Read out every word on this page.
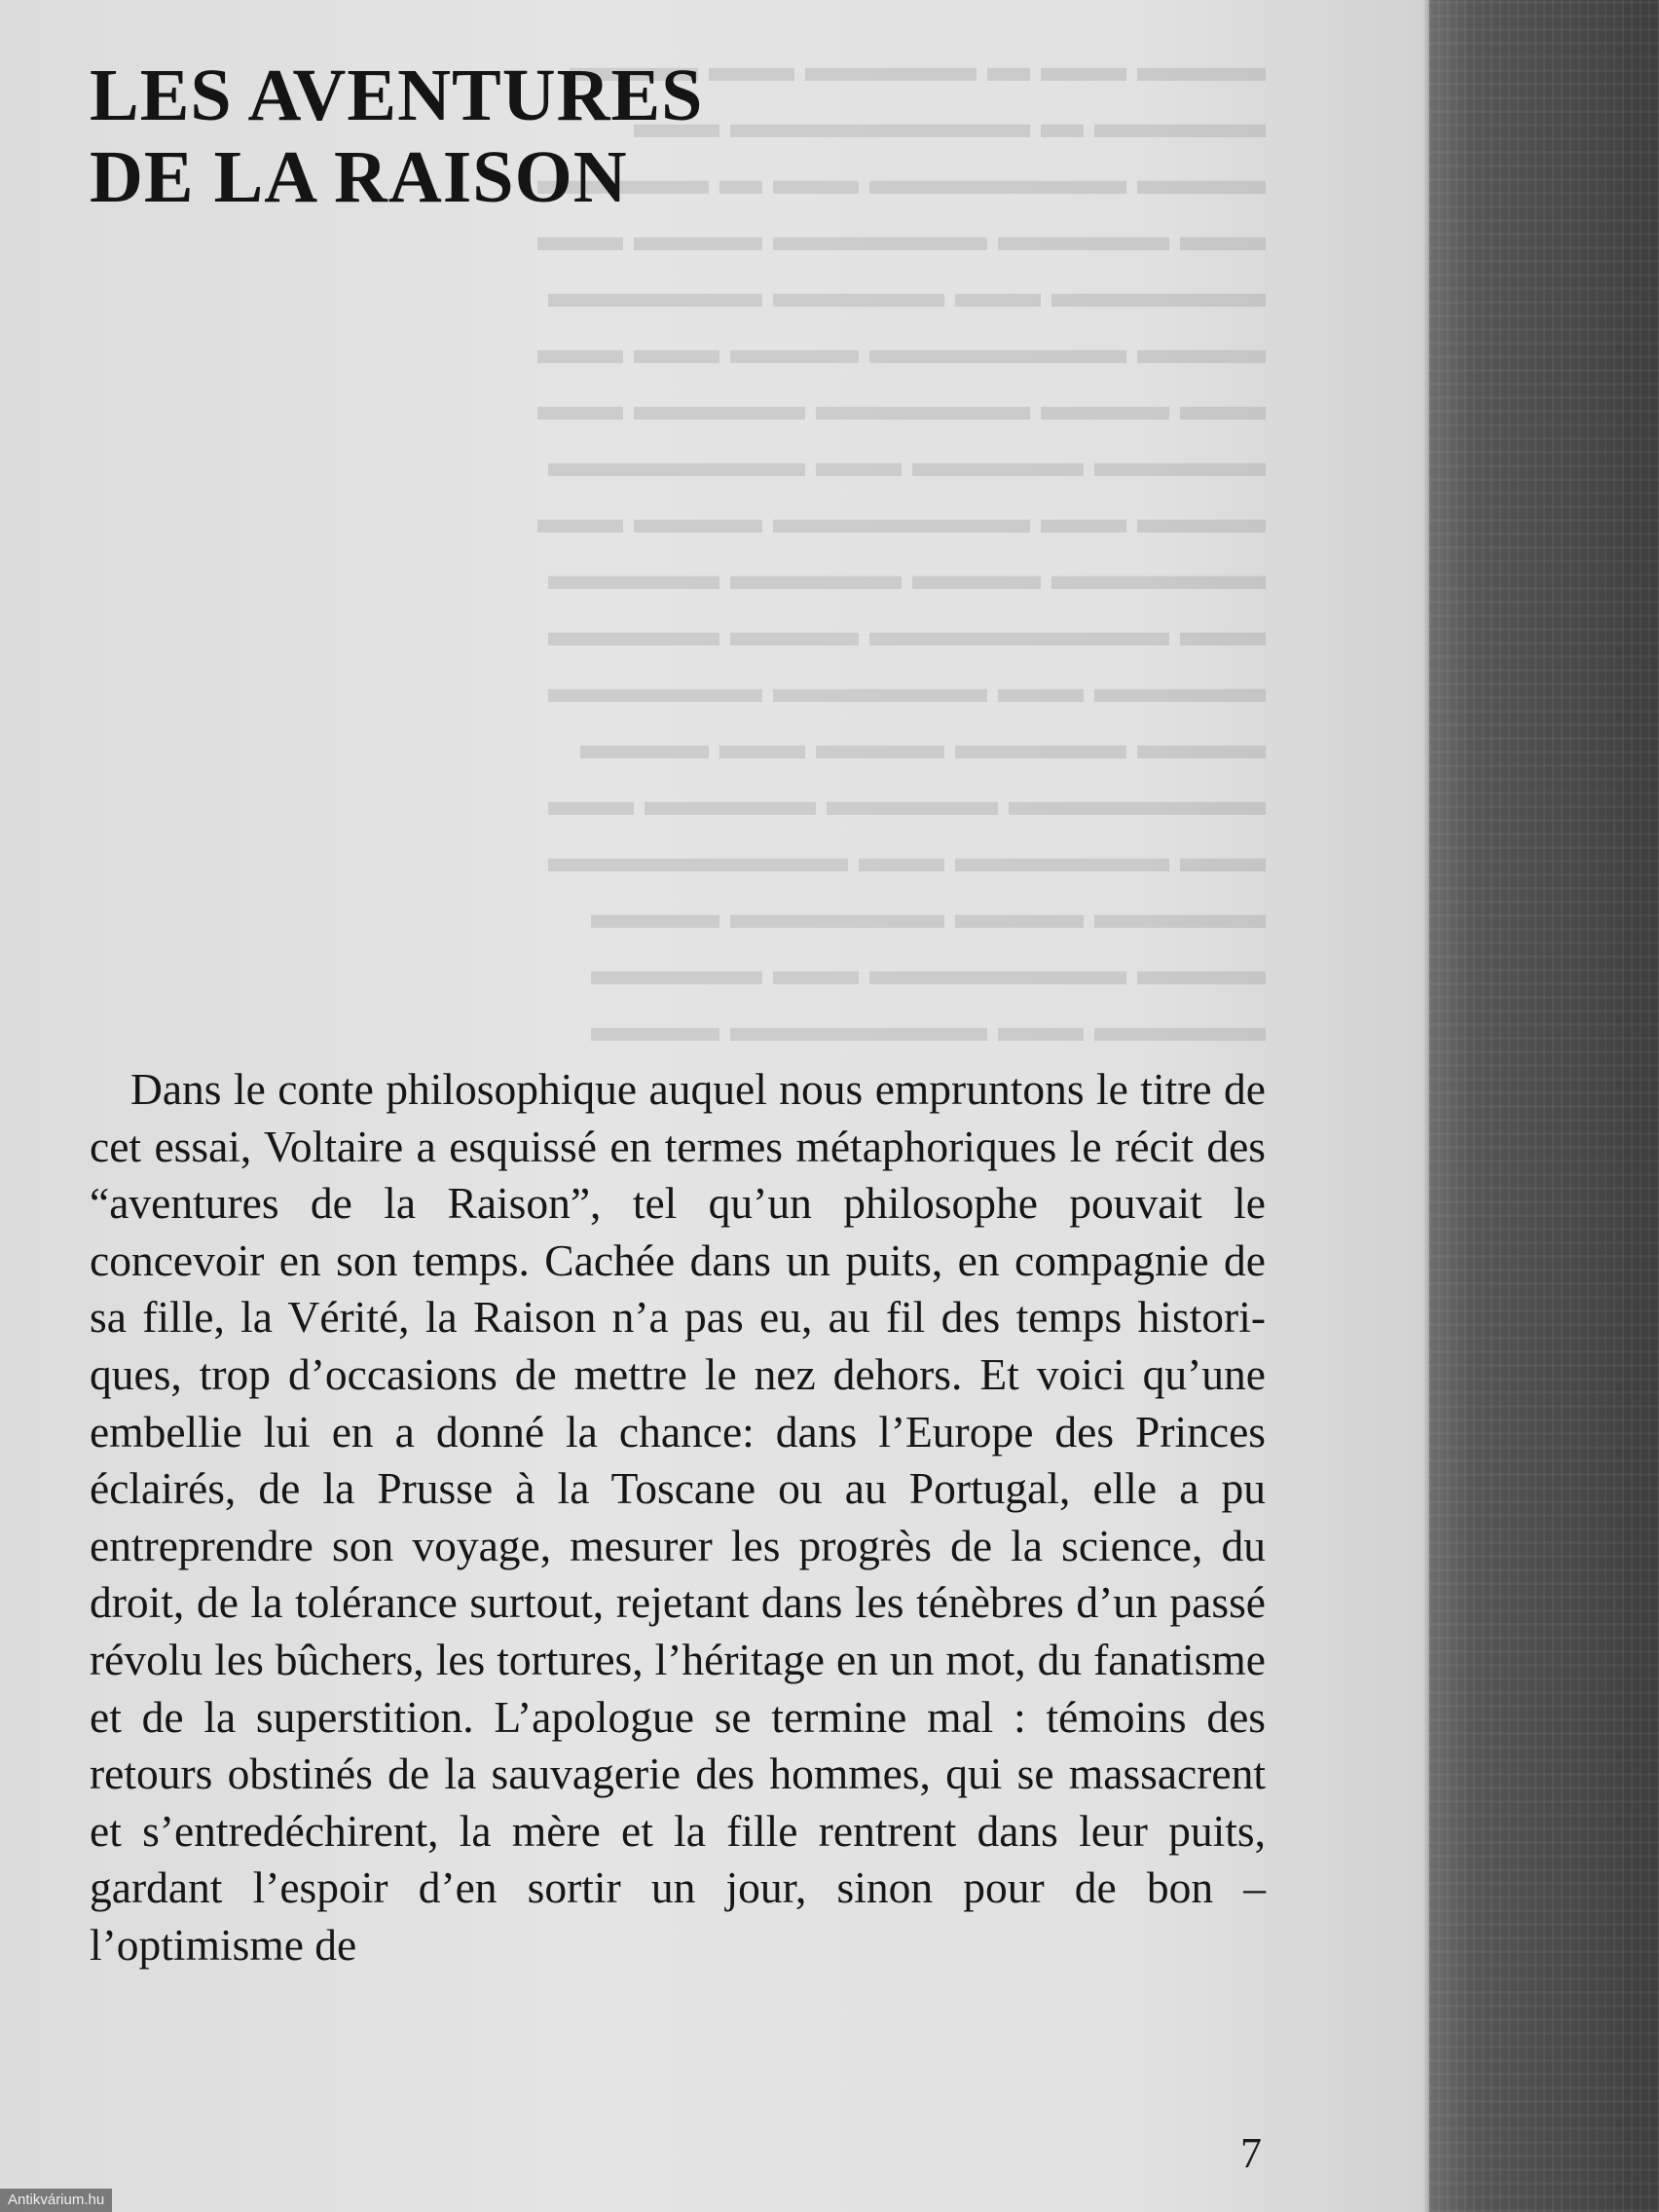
▬▬▬ ▬▬ ▬ ▬▬▬▬ ▬▬ ▬▬▬
▬▬▬▬ ▬ ▬▬▬▬▬▬▬ ▬▬
▬▬▬ ▬▬▬▬▬▬ ▬▬ ▬ ▬▬▬▬
▬▬ ▬▬▬▬ ▬▬▬▬▬ ▬▬▬ ▬▬
▬▬▬▬▬ ▬▬ ▬▬▬▬ ▬▬▬▬▬
▬▬▬ ▬▬▬▬▬▬ ▬▬▬ ▬▬ ▬▬
▬▬ ▬▬▬ ▬▬▬▬▬ ▬▬▬▬ ▬▬
▬▬▬▬ ▬▬▬▬ ▬▬ ▬▬▬▬▬▬
▬▬▬ ▬▬ ▬▬▬▬▬▬ ▬▬▬ ▬▬
▬▬▬▬▬ ▬▬▬ ▬▬▬▬ ▬▬▬▬
▬▬ ▬▬▬▬▬▬▬ ▬▬▬ ▬▬▬▬
▬▬▬▬ ▬▬ ▬▬▬▬▬ ▬▬▬▬▬
▬▬▬ ▬▬▬▬ ▬▬▬ ▬▬ ▬▬▬
▬▬▬▬▬▬ ▬▬▬▬ ▬▬▬▬ ▬▬
▬▬ ▬▬▬▬▬ ▬▬ ▬▬▬▬▬▬▬
▬▬▬▬ ▬▬▬ ▬▬▬▬▬ ▬▬▬
▬▬▬ ▬▬▬▬▬▬ ▬▬ ▬▬▬▬
▬▬▬▬ ▬▬ ▬▬▬▬▬▬ ▬▬▬
LES AVENTURES
DE LA RAISON

Dans le conte philosophique auquel nous empruntons le titre de cet essai, Voltaire a esquissé en termes métaphoriques le récit des “aventures de la Raison”, tel qu’un philosophe pouvait le concevoir en son temps. Cachée dans un puits, en compagnie de sa fille, la Vérité, la Raison n’a pas eu, au fil des temps historiques, trop d’occasions de mettre le nez dehors. Et voici qu’une embellie lui en a donné la chance: dans l’Europe des Princes éclairés, de la Prusse à la Toscane ou au Portugal, elle a pu entreprendre son voyage, mesurer les progrès de la science, du droit, de la tolérance surtout, rejetant dans les ténèbres d’un passé révolu les bûchers, les tortures, l’héritage en un mot, du fanatisme et de la superstition. L’apologue se termine mal : témoins des retours obstinés de la sauvagerie des hommes, qui se massacrent et s’entredéchirent, la mère et la fille rentrent dans leur puits, gardant l’espoir d’en sortir un jour, sinon pour de bon – l’optimisme de

7
Antikvárium.hu
